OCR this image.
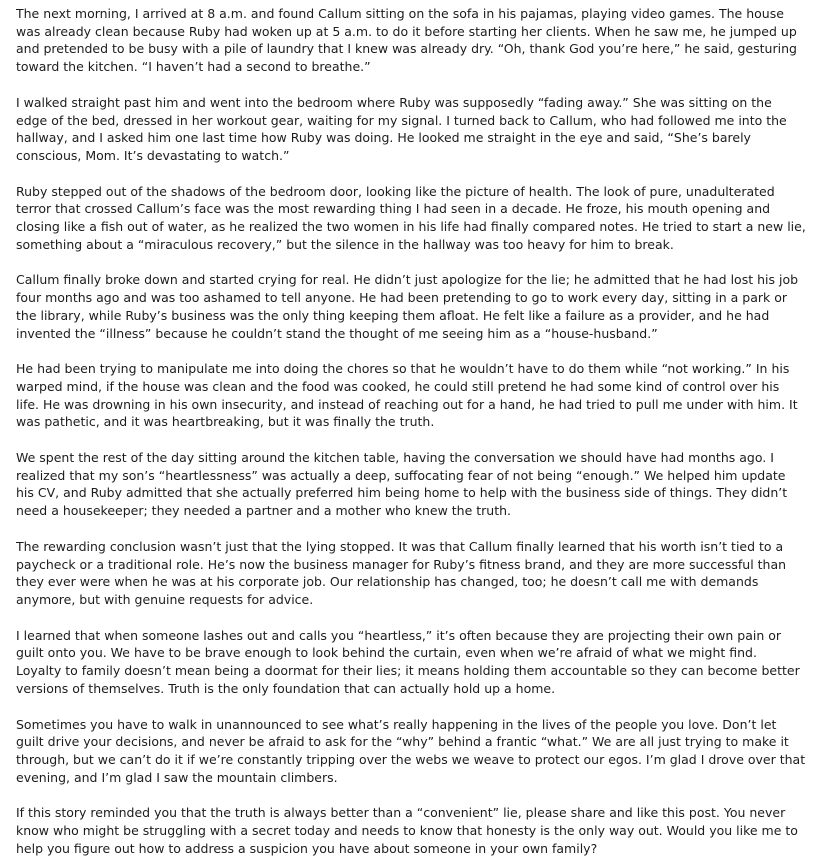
The next morning, I arrived at 8 a.m. and found Callum sitting on the sofa in his pajamas, playing video games. The house was already clean because Ruby had woken up at 5 a.m. to do it before starting her clients. When he saw me, he jumped up and pretended to be busy with a pile of laundry that I knew was already dry. “Oh, thank God you’re here,” he said, gesturing toward the kitchen. “I haven’t had a second to breathe.”

I walked straight past him and went into the bedroom where Ruby was supposedly “fading away.” She was sitting on the edge of the bed, dressed in her workout gear, waiting for my signal. I turned back to Callum, who had followed me into the hallway, and I asked him one last time how Ruby was doing. He looked me straight in the eye and said, “She’s barely conscious, Mom. It’s devastating to watch.”

Ruby stepped out of the shadows of the bedroom door, looking like the picture of health. The look of pure, unadulterated terror that crossed Callum’s face was the most rewarding thing I had seen in a decade. He froze, his mouth opening and closing like a fish out of water, as he realized the two women in his life had finally compared notes. He tried to start a new lie, something about a “miraculous recovery,” but the silence in the hallway was too heavy for him to break.

Callum finally broke down and started crying for real. He didn’t just apologize for the lie; he admitted that he had lost his job four months ago and was too ashamed to tell anyone. He had been pretending to go to work every day, sitting in a park or the library, while Ruby’s business was the only thing keeping them afloat. He felt like a failure as a provider, and he had invented the “illness” because he couldn’t stand the thought of me seeing him as a “house-husband.”

He had been trying to manipulate me into doing the chores so that he wouldn’t have to do them while “not working.” In his warped mind, if the house was clean and the food was cooked, he could still pretend he had some kind of control over his life. He was drowning in his own insecurity, and instead of reaching out for a hand, he had tried to pull me under with him. It was pathetic, and it was heartbreaking, but it was finally the truth.

We spent the rest of the day sitting around the kitchen table, having the conversation we should have had months ago. I realized that my son’s “heartlessness” was actually a deep, suffocating fear of not being “enough.” We helped him update his CV, and Ruby admitted that she actually preferred him being home to help with the business side of things. They didn’t need a housekeeper; they needed a partner and a mother who knew the truth.

The rewarding conclusion wasn’t just that the lying stopped. It was that Callum finally learned that his worth isn’t tied to a paycheck or a traditional role. He’s now the business manager for Ruby’s fitness brand, and they are more successful than they ever were when he was at his corporate job. Our relationship has changed, too; he doesn’t call me with demands anymore, but with genuine requests for advice.

I learned that when someone lashes out and calls you “heartless,” it’s often because they are projecting their own pain or guilt onto you. We have to be brave enough to look behind the curtain, even when we’re afraid of what we might find. Loyalty to family doesn’t mean being a doormat for their lies; it means holding them accountable so they can become better versions of themselves. Truth is the only foundation that can actually hold up a home.

Sometimes you have to walk in unannounced to see what’s really happening in the lives of the people you love. Don’t let guilt drive your decisions, and never be afraid to ask for the “why” behind a frantic “what.” We are all just trying to make it through, but we can’t do it if we’re constantly tripping over the webs we weave to protect our egos. I’m glad I drove over that evening, and I’m glad I saw the mountain climbers.

If this story reminded you that the truth is always better than a “convenient” lie, please share and like this post. You never know who might be struggling with a secret today and needs to know that honesty is the only way out. Would you like me to help you figure out how to address a suspicion you have about someone in your own family?
